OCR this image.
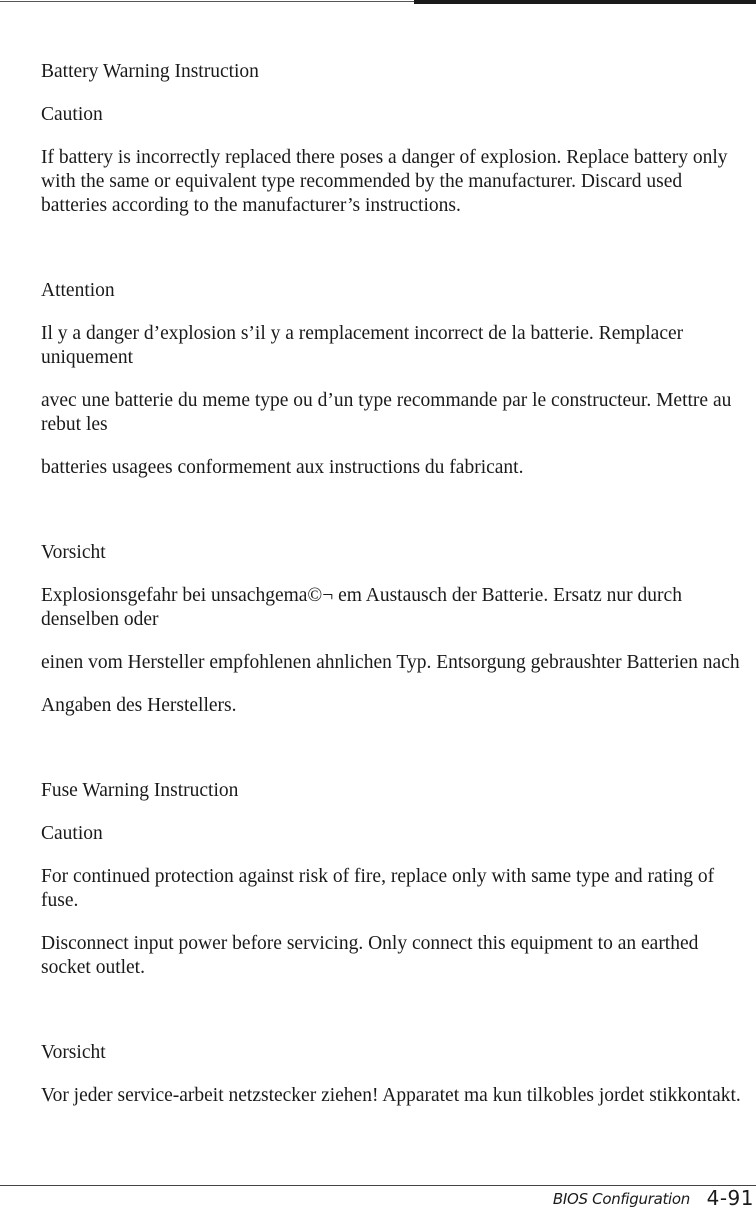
Battery Warning Instruction

Caution

If battery is incorrectly replaced there poses a danger of explosion. Replace battery only with the same or equivalent type recommended by the manufacturer. Discard used batteries according to the manufacturer’s instructions.

Attention

Il y a danger d’explosion s’il y a remplacement incorrect de la batterie. Remplacer uniquement

avec une batterie du meme type ou d’un type recommande par le constructeur. Mettre au rebut les

batteries usagees conformement aux instructions du fabricant.

Vorsicht

Explosionsgefahr bei unsachgema©¬ em Austausch der Batterie. Ersatz nur durch denselben oder

einen vom Hersteller empfohlenen ahnlichen Typ. Entsorgung gebraushter Batterien nach

Angaben des Herstellers.

Fuse Warning Instruction

Caution

For continued protection against risk of fire, replace only with same type and rating of fuse.

Disconnect input power before servicing. Only connect this equipment to an earthed socket outlet.

Vorsicht

Vor jeder service-arbeit netzstecker ziehen! Apparatet ma kun tilkobles jordet stikkontakt.

BIOS Configuration 4-91
